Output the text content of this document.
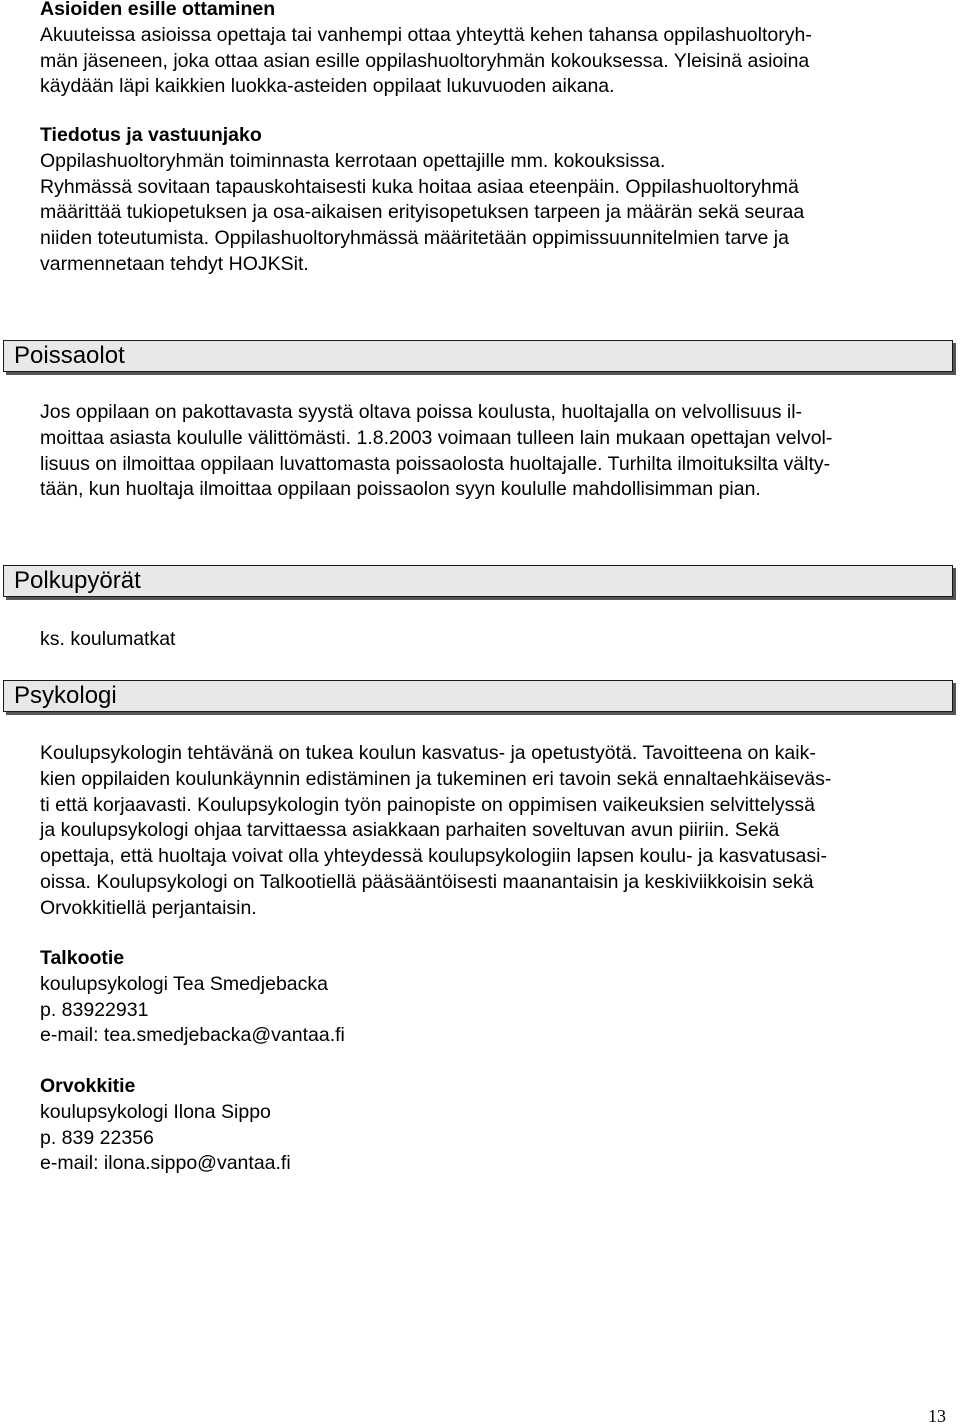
Asioiden esille ottaminen
Akuuteissa asioissa opettaja tai vanhempi ottaa yhteyttä kehen tahansa oppilashuoltoryh-
män jäseneen, joka ottaa asian esille oppilashuoltoryhmän kokouksessa. Yleisinä asioina
käydään läpi kaikkien luokka-asteiden oppilaat lukuvuoden aikana.
Tiedotus ja vastuunjako
Oppilashuoltoryhmän toiminnasta kerrotaan opettajille mm. kokouksissa.
Ryhmässä sovitaan tapauskohtaisesti kuka hoitaa asiaa eteenpäin. Oppilashuoltoryhmä
määrittää tukiopetuksen ja osa-aikaisen erityisopetuksen tarpeen ja määrän sekä seuraa
niiden toteutumista. Oppilashuoltoryhmässä määritetään oppimissuunnitelmien tarve ja
varmennetaan tehdyt HOJKSit.
Poissaolot
Jos oppilaan on pakottavasta syystä oltava poissa koulusta, huoltajalla on velvollisuus il-
moittaa asiasta koululle välittömästi. 1.8.2003 voimaan tulleen lain mukaan opettajan velvol-
lisuus on ilmoittaa oppilaan luvattomasta poissaolosta huoltajalle. Turhilta ilmoituksilta välty-
tään, kun huoltaja ilmoittaa oppilaan poissaolon syyn koululle mahdollisimman pian.
Polkupyörät
ks. koulumatkat
Psykologi
Koulupsykologin tehtävänä on tukea koulun kasvatus- ja opetustyötä. Tavoitteena on kaik-
kien oppilaiden koulunkäynnin edistäminen ja tukeminen eri tavoin sekä ennaltaehkäiseväs-
ti että korjaavasti. Koulupsykologin työn painopiste on oppimisen vaikeuksien selvittelyssä
ja koulupsykologi ohjaa tarvittaessa asiakkaan parhaiten soveltuvan avun piiriin. Sekä
opettaja, että huoltaja voivat olla yhteydessä koulupsykologiin lapsen koulu- ja kasvatusasi-
oissa. Koulupsykologi on Talkootiellä pääsääntöisesti maanantaisin ja keskiviikkoisin sekä
Orvokkitiellä perjantaisin.
Talkootie
koulupsykologi Tea Smedjebacka
p. 83922931
e-mail: tea.smedjebacka@vantaa.fi
Orvokkitie
koulupsykologi Ilona Sippo
p. 839 22356
e-mail: ilona.sippo@vantaa.fi
13
